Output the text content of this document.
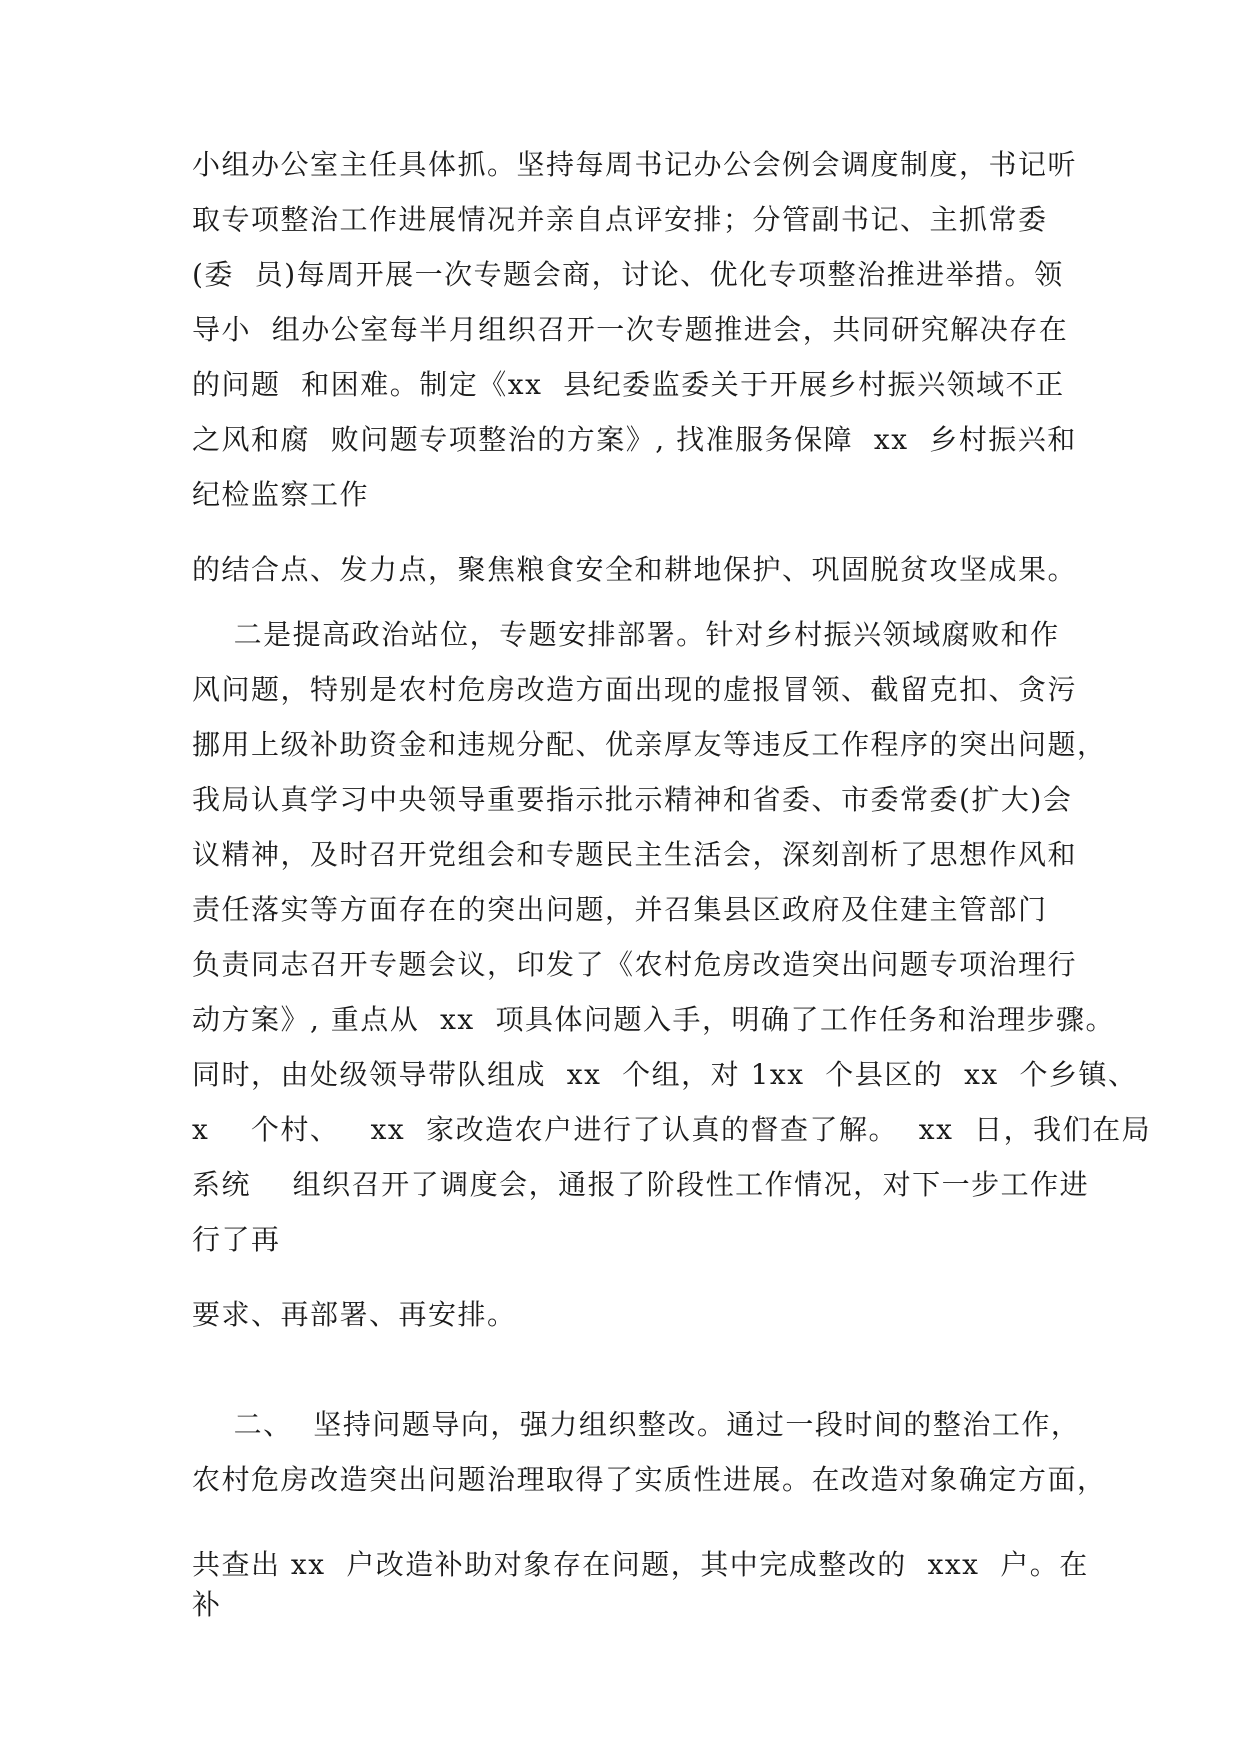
小组办公室主任具体抓。坚持每周书记办公会例会调度制度，书记听
取专项整治工作进展情况并亲自点评安排；分管副书记、主抓常委
(委  员)每周开展一次专题会商，讨论、优化专项整治推进举措。领
导小  组办公室每半月组织召开一次专题推进会，共同研究解决存在
的问题  和困难。制定《xx  县纪委监委关于开展乡村振兴领域不正
之风和腐  败问题专项整治的方案》, 找准服务保障  xx  乡村振兴和
纪检监察工作
的结合点、发力点，聚焦粮食安全和耕地保护、巩固脱贫攻坚成果。
二是提高政治站位，专题安排部署。针对乡村振兴领域腐败和作
风问题，特别是农村危房改造方面出现的虚报冒领、截留克扣、贪污
挪用上级补助资金和违规分配、优亲厚友等违反工作程序的突出问题，
我局认真学习中央领导重要指示批示精神和省委、市委常委(扩大)会
议精神，及时召开党组会和专题民主生活会，深刻剖析了思想作风和
责任落实等方面存在的突出问题，并召集县区政府及住建主管部门
负责同志召开专题会议，印发了《农村危房改造突出问题专项治理行
动方案》, 重点从  xx  项具体问题入手，明确了工作任务和治理步骤。
同时，由处级领导带队组成  xx  个组，对 1xx  个县区的  xx  个乡镇、
x    个村、   xx  家改造农户进行了认真的督查了解。  xx  日，我们在局
系统    组织召开了调度会，通报了阶段性工作情况，对下一步工作进
行了再
要求、再部署、再安排。
二、  坚持问题导向，强力组织整改。通过一段时间的整治工作，
农村危房改造突出问题治理取得了实质性进展。在改造对象确定方面，
共查出 xx  户改造补助对象存在问题，其中完成整改的  xxx  户。在
补
